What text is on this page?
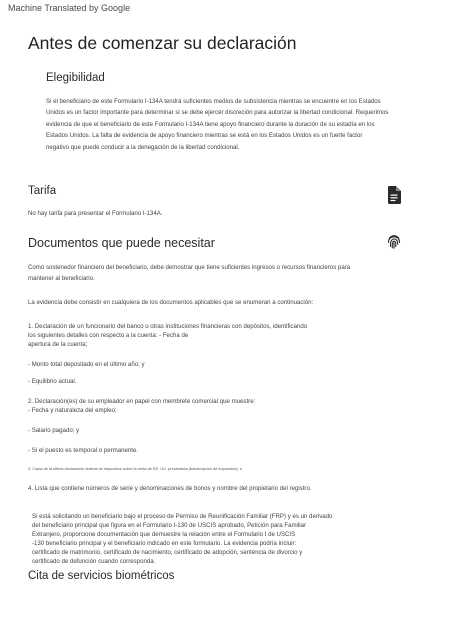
Machine Translated by Google
Antes de comenzar su declaración
Elegibilidad
Si el beneficiario de este Formulario I-134A tendrá suficientes medios de subsistencia mientras se encuentre en los Estados
Unidos es un factor importante para determinar si se debe ejercer discreción para autorizar la libertad condicional. Requerimos
evidencia de que el beneficiario de este Formulario I-134A tiene apoyo financiero durante la duración de su estadía en los
Estados Unidos. La falta de evidencia de apoyo financiero mientras se está en los Estados Unidos es un fuerte factor
negativo que puede conducir a la denegación de la libertad condicional.
Tarifa
No hay tarifa para presentar el Formulario I-134A.
Documentos que puede necesitar
Como sostenedor financiero del beneficiario, debe demostrar que tiene suficientes ingresos o recursos financieros para
mantener al beneficiario.
La evidencia debe consistir en cualquiera de los documentos aplicables que se enumeran a continuación:
1. Declaración de un funcionario del banco u otras instituciones financieras con depósitos, identificando
los siguientes detalles con respecto a la cuenta: - Fecha de
apertura de la cuenta;
- Monto total depositado en el último año; y
- Equilibrio actual.
2. Declaración(es) de su empleador en papel con membrete comercial que muestre:
- Fecha y naturaleza del empleo;
- Salario pagado; y
- Si el puesto es temporal o permanente.
3. Copia de la última declaración federal de impuestos sobre la renta de EE. UU. presentada (transcripción de impuestos); o
4. Lista que contiene números de serie y denominaciones de bonos y nombre del propietario del registro.
Si está solicitando un beneficiario bajo el proceso de Permiso de Reunificación Familiar (FRP) y es un derivado
del beneficiario principal que figura en el Formulario I-130 de USCIS aprobado, Petición para Familiar
Extranjero, proporcione documentación que demuestre la relación entre el Formulario I de USCIS
-130 beneficiario principal y el beneficiario indicado en este formulario. La evidencia podría incluir:
certificado de matrimonio, certificado de nacimiento, certificado de adopción, sentencia de divorcio y
certificado de defunción cuando corresponda.
Cita de servicios biométricos
